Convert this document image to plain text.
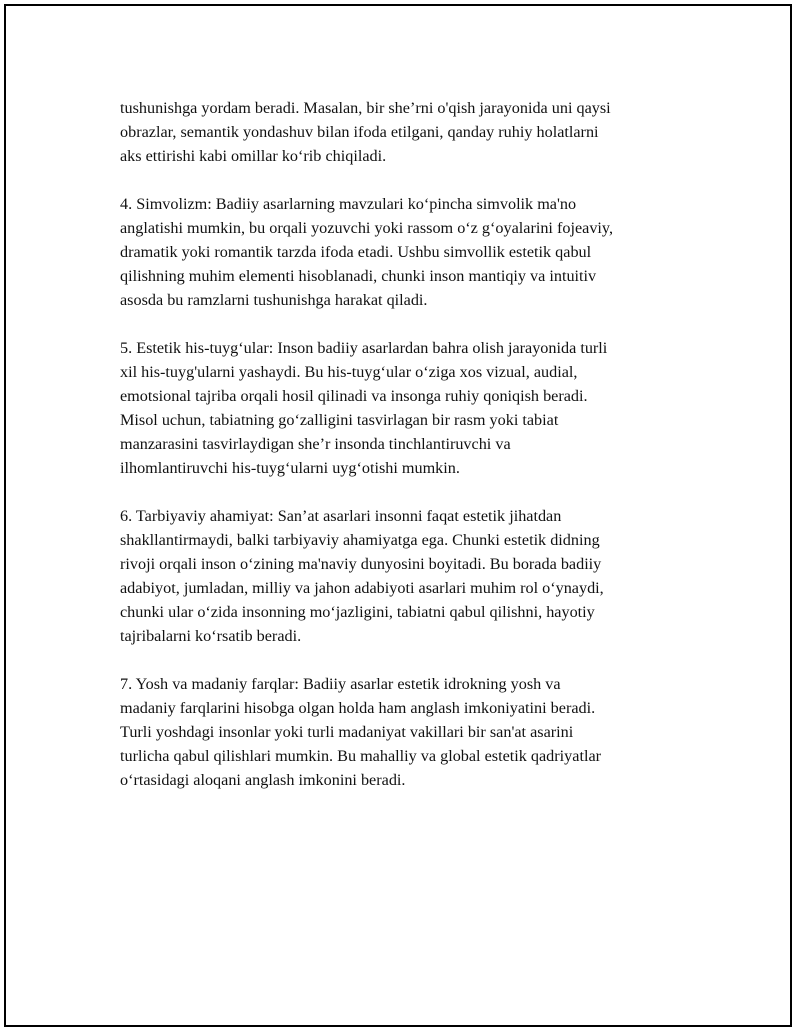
tushunishga yordam beradi. Masalan, bir sheʼrni o'qish jarayonida uni qaysi
obrazlar, semantik yondashuv bilan ifoda etilgani, qanday ruhiy holatlarni
aks ettirishi kabi omillar koʻrib chiqiladi.

4. Simvolizm: Badiiy asarlarning mavzulari koʻpincha simvolik ma'no
anglatishi mumkin, bu orqali yozuvchi yoki rassom oʻz gʻoyalarini fojeaviy,
dramatik yoki romantik tarzda ifoda etadi. Ushbu simvollik estetik qabul
qilishning muhim elementi hisoblanadi, chunki inson mantiqiy va intuitiv
asosda bu ramzlarni tushunishga harakat qiladi.

5. Estetik his-tuygʻular: Inson badiiy asarlardan bahra olish jarayonida turli
xil his-tuyg'ularni yashaydi. Bu his-tuygʻular oʻziga xos vizual, audial,
emotsional tajriba orqali hosil qilinadi va insonga ruhiy qoniqish beradi.
Misol uchun, tabiatning goʻzalligini tasvirlagan bir rasm yoki tabiat
manzarasini tasvirlaydigan she’r insonda tinchlantiruvchi va
ilhomlantiruvchi his-tuygʻularni uygʻotishi mumkin.

6. Tarbiyaviy ahamiyat: San’at asarlari insonni faqat estetik jihatdan
shakllantirmaydi, balki tarbiyaviy ahamiyatga ega. Chunki estetik didning
rivoji orqali inson oʻzining ma'naviy dunyosini boyitadi. Bu borada badiiy
adabiyot, jumladan, milliy va jahon adabiyoti asarlari muhim rol oʻynaydi,
chunki ular oʻzida insonning moʻjazligini, tabiatni qabul qilishni, hayotiy
tajribalarni koʻrsatib beradi.

7. Yosh va madaniy farqlar: Badiiy asarlar estetik idrokning yosh va
madaniy farqlarini hisobga olgan holda ham anglash imkoniyatini beradi.
Turli yoshdagi insonlar yoki turli madaniyat vakillari bir san'at asarini
turlicha qabul qilishlari mumkin. Bu mahalliy va global estetik qadriyatlar
oʻrtasidagi aloqani anglash imkonini beradi.
